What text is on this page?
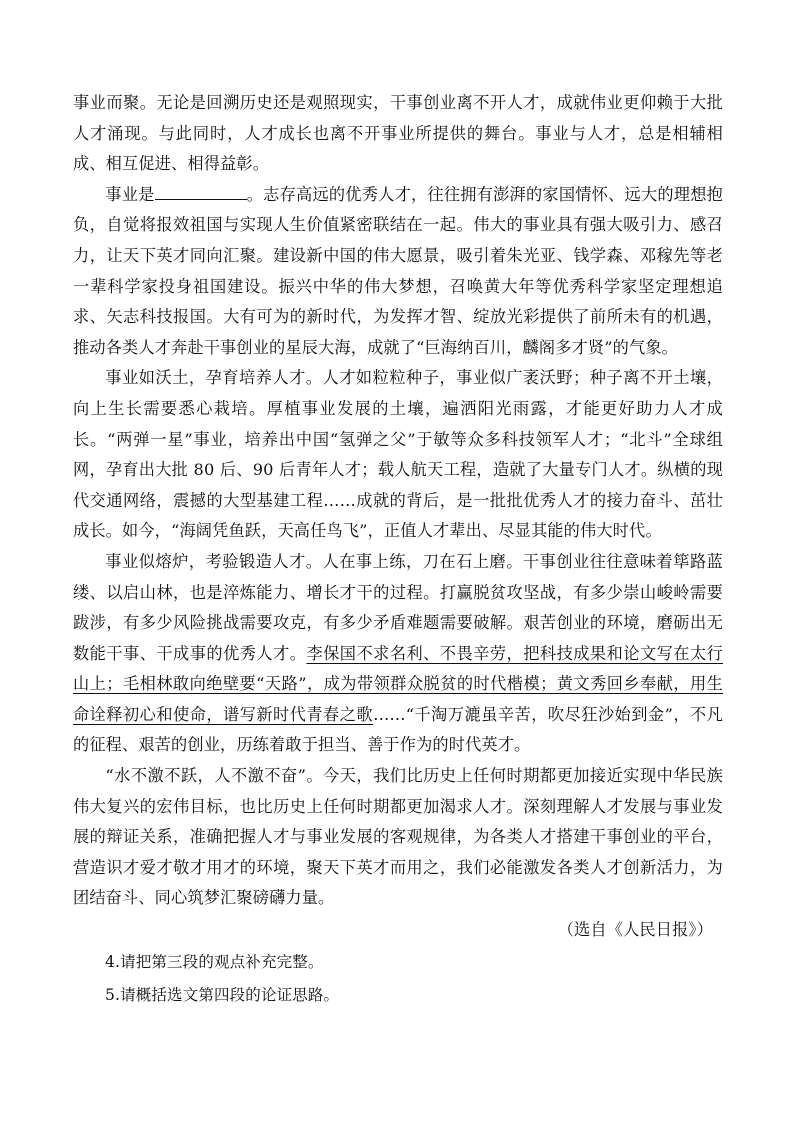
事业而聚。无论是回溯历史还是观照现实，干事创业离不开人才，成就伟业更仰赖于大批人才涌现。与此同时，人才成长也离不开事业所提供的舞台。事业与人才，总是相辅相成、相互促进、相得益彰。

事业是	。志存高远的优秀人才，往往拥有澎湃的家国情怀、远大的理想抱负，自觉将报效祖国与实现人生价值紧密联结在一起。伟大的事业具有强大吸引力、感召力，让天下英才同向汇聚。建设新中国的伟大愿景，吸引着朱光亚、钱学森、邓稼先等老一辈科学家投身祖国建设。振兴中华的伟大梦想，召唤黄大年等优秀科学家坚定理想追求、矢志科技报国。大有可为的新时代，为发挥才智、绽放光彩提供了前所未有的机遇，推动各类人才奔赴干事创业的星辰大海，成就了“巨海纳百川，麟阁多才贤”的气象。

事业如沃土，孕育培养人才。人才如粒粒种子，事业似广袤沃野；种子离不开土壤，向上生长需要悉心栽培。厚植事业发展的土壤，遍洒阳光雨露，才能更好助力人才成长。“两弹一星”事业，培养出中国“氢弹之父”于敏等众多科技领军人才；“北斗”全球组网，孕育出大批 80 后、90 后青年人才；载人航天工程，造就了大量专门人才。纵横的现代交通网络，震撼的大型基建工程……成就的背后，是一批批优秀人才的接力奋斗、茁壮成长。如今，“海阔凭鱼跃，天高任鸟飞”，正值人才辈出、尽显其能的伟大时代。

事业似熔炉，考验锻造人才。人在事上练，刀在石上磨。干事创业往往意味着筚路蓝缕、以启山林，也是淬炼能力、增长才干的过程。打赢脱贫攻坚战，有多少崇山峻岭需要跋涉，有多少风险挑战需要攻克，有多少矛盾难题需要破解。艰苦创业的环境，磨砺出无数能干事、干成事的优秀人才。李保国不求名利、不畏辛劳，把科技成果和论文写在太行山上；毛相林敢向绝壁要“天路”，成为带领群众脱贫的时代楷模；黄文秀回乡奉献，用生命诠释初心和使命，谱写新时代青春之歌……“千淘万漉虽辛苦，吹尽狂沙始到金”，不凡的征程、艰苦的创业，历练着敢于担当、善于作为的时代英才。

“水不激不跃，人不激不奋”。今天，我们比历史上任何时期都更加接近实现中华民族伟大复兴的宏伟目标，也比历史上任何时期都更加渴求人才。深刻理解人才发展与事业发展的辩证关系，准确把握人才与事业发展的客观规律，为各类人才搭建干事创业的平台，营造识才爱才敬才用才的环境，聚天下英才而用之，我们必能激发各类人才创新活力，为团结奋斗、同心筑梦汇聚磅礴力量。

（选自《人民日报》）

4.请把第三段的观点补充完整。
5.请概括选文第四段的论证思路。
